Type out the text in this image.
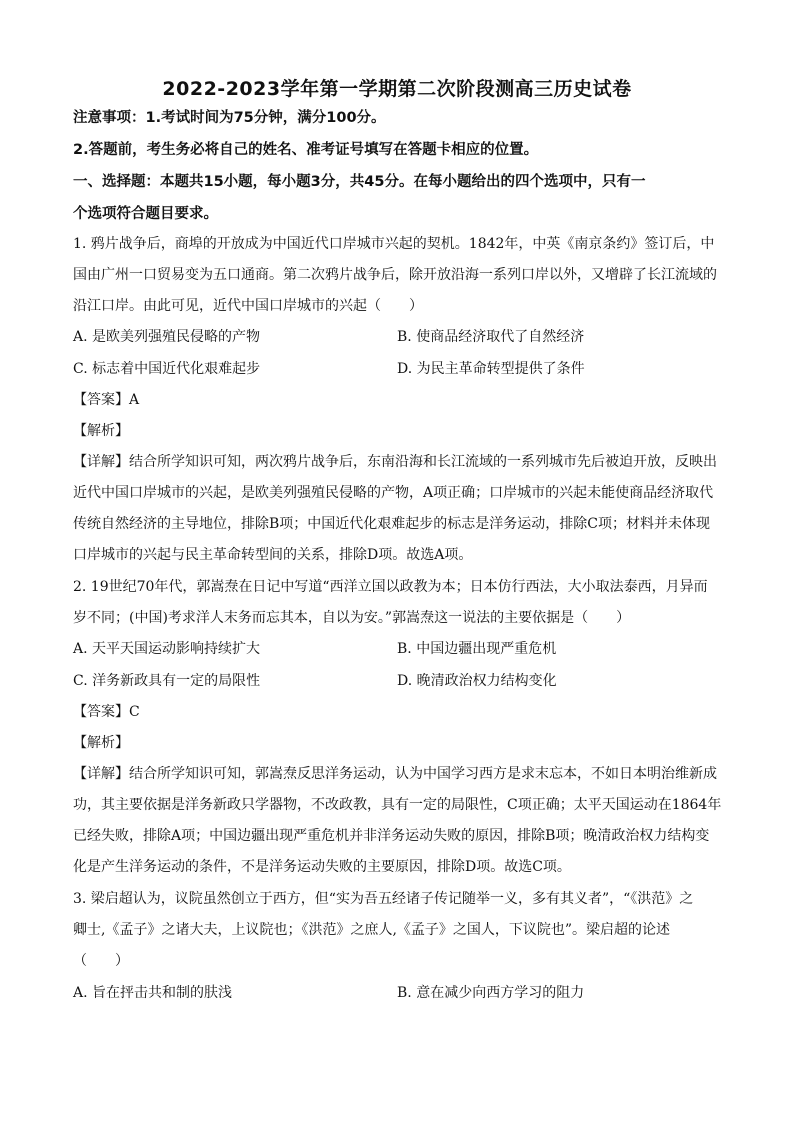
2022-2023学年第一学期第二次阶段测高三历史试卷
注意事项：1.考试时间为75分钟，满分100分。
2.答题前，考生务必将自己的姓名、准考证号填写在答题卡相应的位置。
一、选择题：本题共15小题，每小题3分，共45分。在每小题给出的四个选项中，只有一
个选项符合题目要求。
1. 鸦片战争后，商埠的开放成为中国近代口岸城市兴起的契机。1842年，中英《南京条约》签订后，中
国由广州一口贸易变为五口通商。第二次鸦片战争后，除开放沿海一系列口岸以外，又增辟了长江流域的
沿江口岸。由此可见，近代中国口岸城市的兴起（　　）
A. 是欧美列强殖民侵略的产物	B. 使商品经济取代了自然经济
C. 标志着中国近代化艰难起步	D. 为民主革命转型提供了条件
【答案】A
【解析】
【详解】结合所学知识可知，两次鸦片战争后，东南沿海和长江流域的一系列城市先后被迫开放，反映出
近代中国口岸城市的兴起，是欧美列强殖民侵略的产物，A项正确；口岸城市的兴起未能使商品经济取代
传统自然经济的主导地位，排除B项；中国近代化艰难起步的标志是洋务运动，排除C项；材料并未体现
口岸城市的兴起与民主革命转型间的关系，排除D项。故选A项。
2. 19世纪70年代，郭嵩焘在日记中写道“西洋立国以政教为本；日本仿行西法，大小取法泰西，月异而
岁不同；(中国)考求洋人末务而忘其本，自以为安。”郭嵩焘这一说法的主要依据是（　　）
A. 天平天国运动影响持续扩大	B. 中国边疆出现严重危机
C. 洋务新政具有一定的局限性	D. 晚清政治权力结构变化
【答案】C
【解析】
【详解】结合所学知识可知，郭嵩焘反思洋务运动，认为中国学习西方是求末忘本，不如日本明治维新成
功，其主要依据是洋务新政只学器物，不改政教，具有一定的局限性，C项正确；太平天国运动在1864年
已经失败，排除A项；中国边疆出现严重危机并非洋务运动失败的原因，排除B项；晚清政治权力结构变
化是产生洋务运动的条件，不是洋务运动失败的主要原因，排除D项。故选C项。
3. 梁启超认为，议院虽然创立于西方，但“实为吾五经诸子传记随举一义，多有其义者”，“《洪范》之
卿士,《孟子》之诸大夫，上议院也；《洪范》之庶人,《孟子》之国人，下议院也”。梁启超的论述
（　　）
A. 旨在抨击共和制的肤浅	B. 意在减少向西方学习的阻力
